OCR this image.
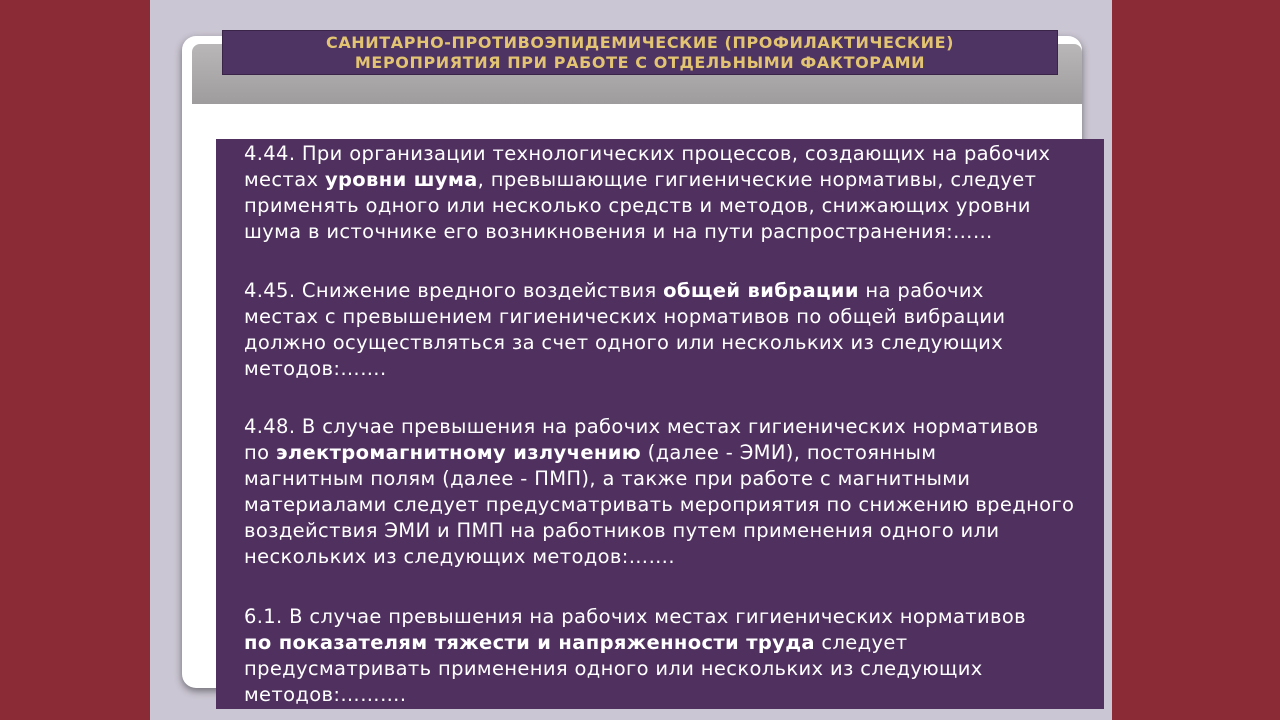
4.44. При организации технологических процессов, создающих на рабочих
местах уровни шума, превышающие гигиенические нормативы, следует
применять одного или несколько средств и методов, снижающих уровни
шума в источнике его возникновения и на пути распространения:……
4.45. Снижение вредного воздействия общей вибрации на рабочих
местах с превышением гигиенических нормативов по общей вибрации
должно осуществляться за счет одного или нескольких из следующих
методов:…….
4.48. В случае превышения на рабочих местах гигиенических нормативов
по электромагнитному излучению (далее - ЭМИ), постоянным
магнитным полям (далее - ПМП), а также при работе с магнитными
материалами следует предусматривать мероприятия по снижению вредного
воздействия ЭМИ и ПМП на работников путем применения одного или
нескольких из следующих методов:…….
6.1. В случае превышения на рабочих местах гигиенических нормативов
по показателям тяжести и напряженности труда следует
предусматривать применения одного или нескольких из следующих
методов:……….
САНИТАРНО-ПРОТИВОЭПИДЕМИЧЕСКИЕ (ПРОФИЛАКТИЧЕСКИЕ)
МЕРОПРИЯТИЯ ПРИ РАБОТЕ С ОТДЕЛЬНЫМИ ФАКТОРАМИ
